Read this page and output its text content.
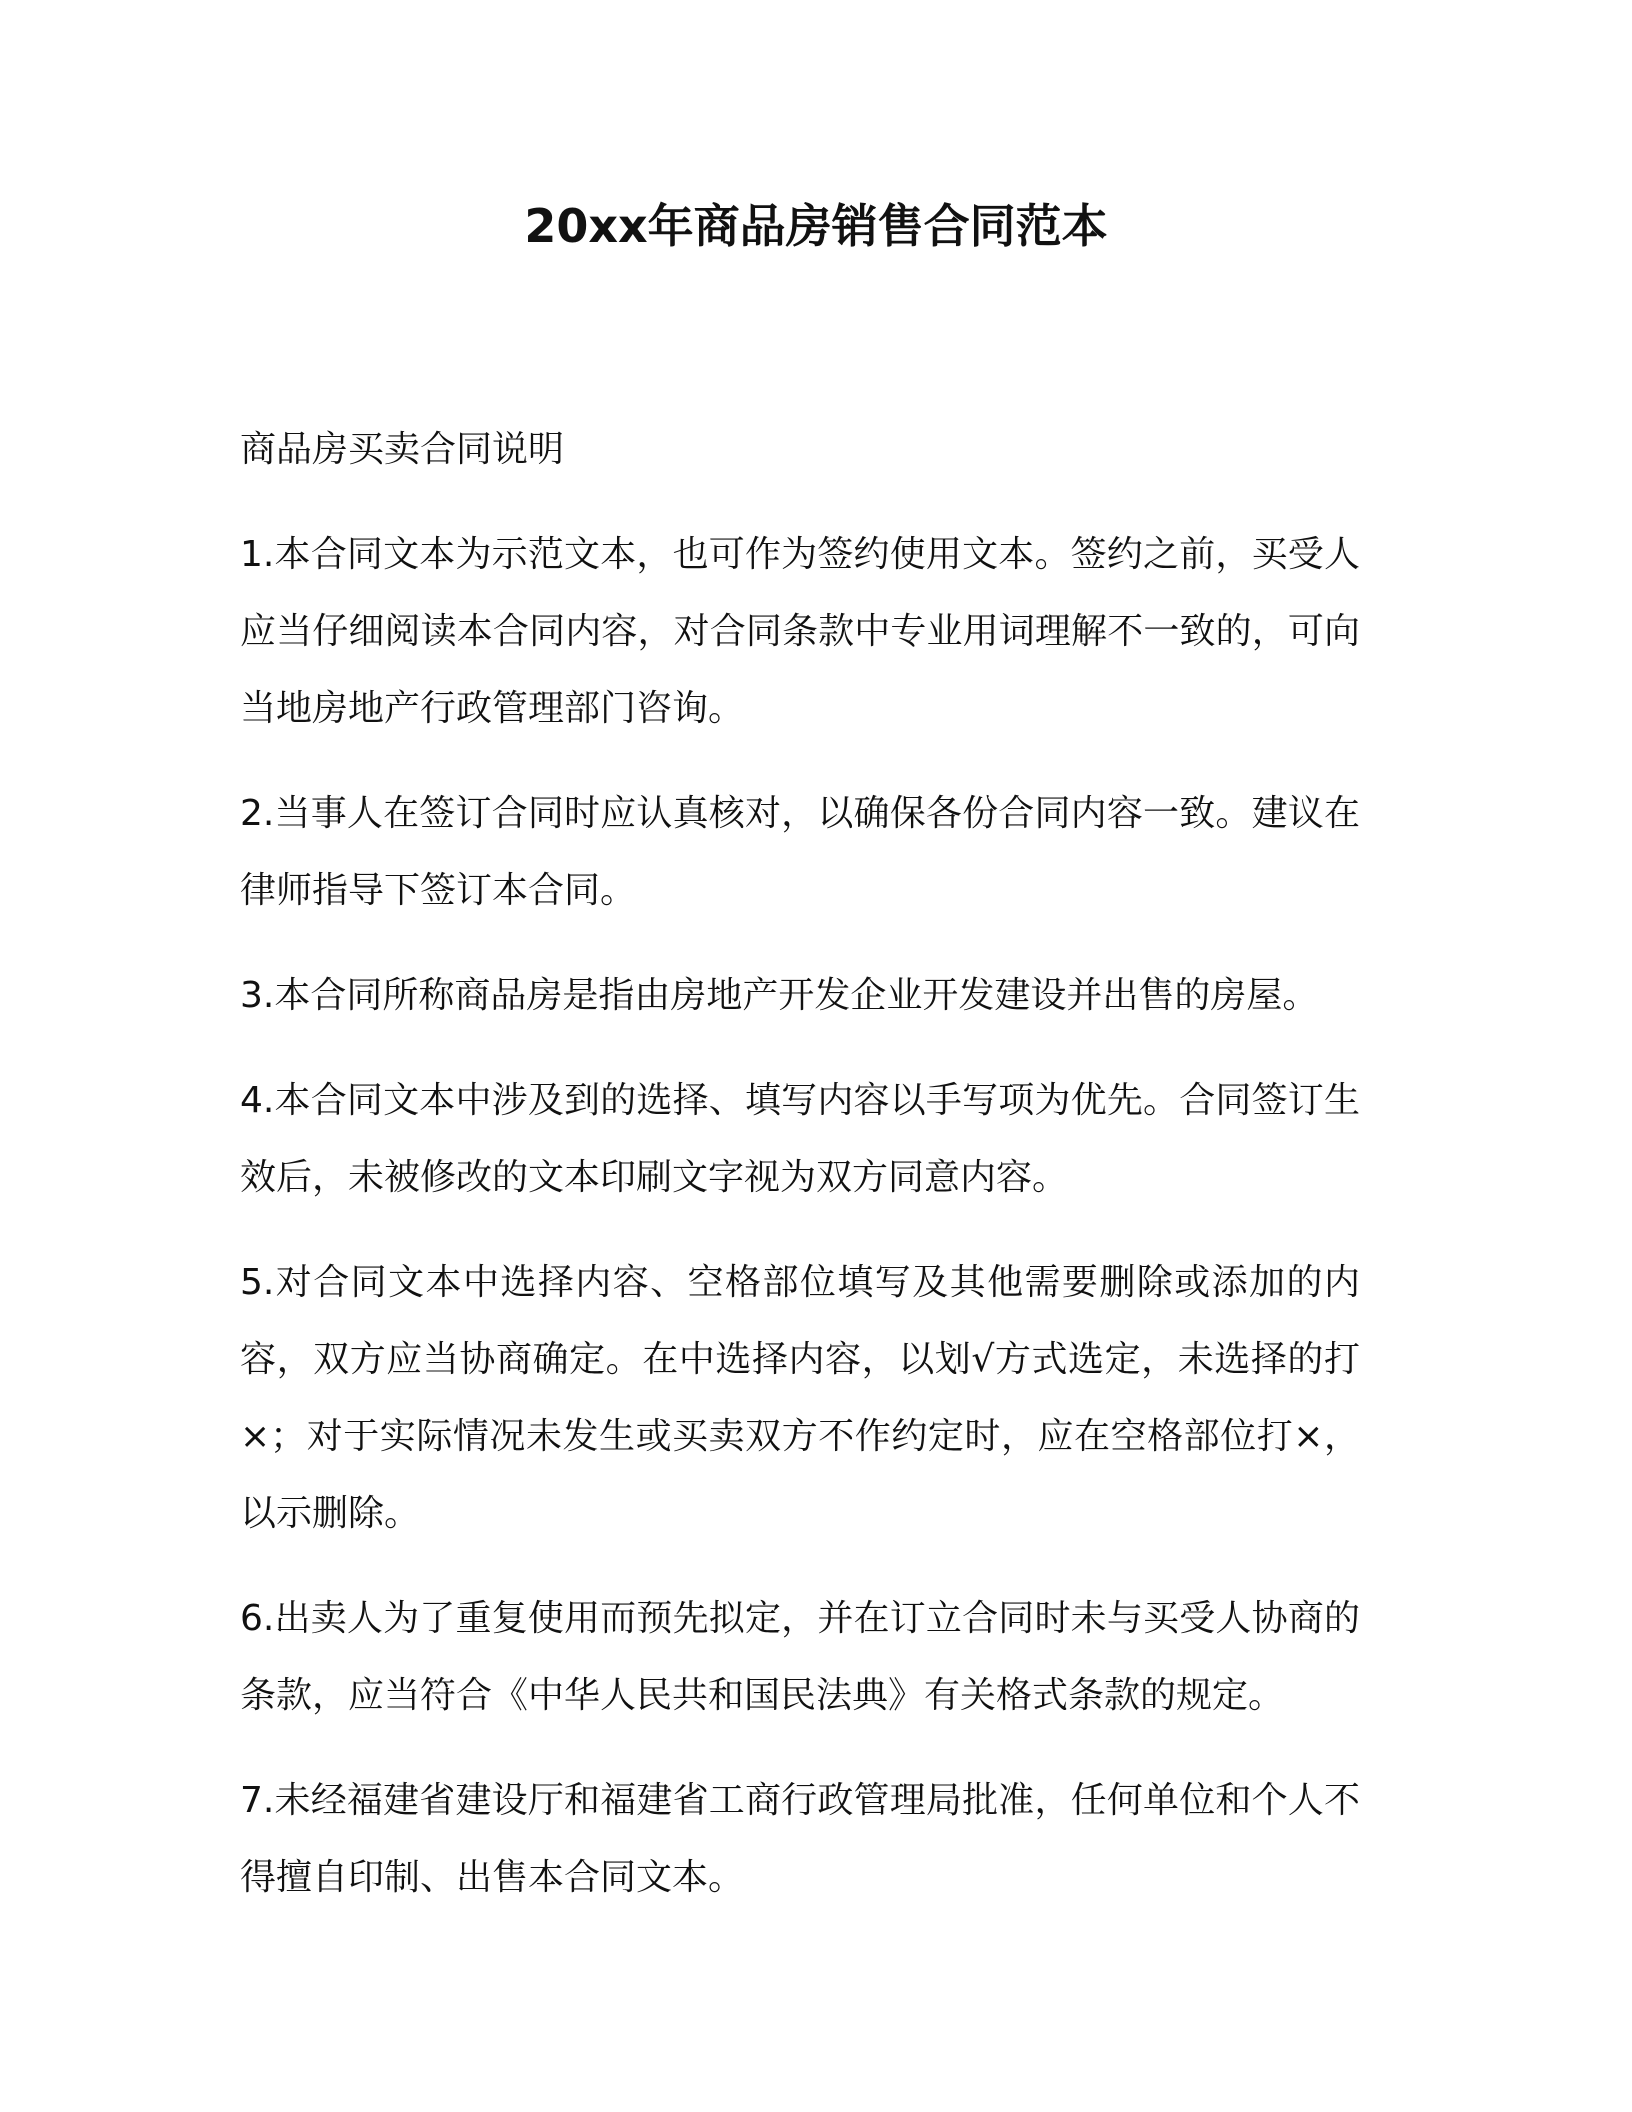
20xx年商品房销售合同范本

商品房买卖合同说明

1.本合同文本为示范文本，也可作为签约使用文本。签约之前，买受人应当仔细阅读本合同内容，对合同条款中专业用词理解不一致的，可向当地房地产行政管理部门咨询。

2.当事人在签订合同时应认真核对，以确保各份合同内容一致。建议在律师指导下签订本合同。

3.本合同所称商品房是指由房地产开发企业开发建设并出售的房屋。

4.本合同文本中涉及到的选择、填写内容以手写项为优先。合同签订生效后，未被修改的文本印刷文字视为双方同意内容。

5.对合同文本中选择内容、空格部位填写及其他需要删除或添加的内容，双方应当协商确定。在中选择内容，以划√方式选定，未选择的打×；对于实际情况未发生或买卖双方不作约定时，应在空格部位打×，以示删除。

6.出卖人为了重复使用而预先拟定，并在订立合同时未与买受人协商的条款，应当符合《中华人民共和国民法典》有关格式条款的规定。

7.未经福建省建设厅和福建省工商行政管理局批准，任何单位和个人不得擅自印制、出售本合同文本。
